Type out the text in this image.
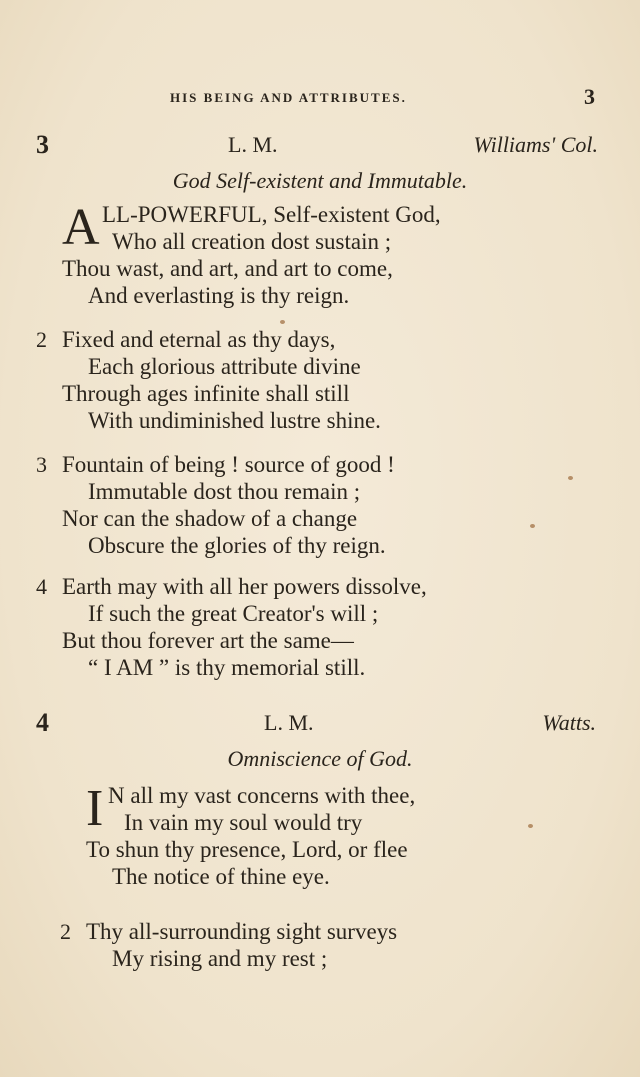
HIS BEING AND ATTRIBUTES.	3
3	L. M.	Williams' Col.
God Self-existent and Immutable.
A LL-POWERFUL, Self-existent God,
Who all creation dost sustain ;
Thou wast, and art, and art to come,
And everlasting is thy reign.
2 Fixed and eternal as thy days,
Each glorious attribute divine
Through ages infinite shall still
With undiminished lustre shine.
3 Fountain of being ! source of good !
Immutable dost thou remain ;
Nor can the shadow of a change
Obscure the glories of thy reign.
4 Earth may with all her powers dissolve,
If such the great Creator's will ;
But thou forever art the same—
“ I AM ” is thy memorial still.
4	L. M.	Watts.
Omniscience of God.
I N all my vast concerns with thee,
In vain my soul would try
To shun thy presence, Lord, or flee
The notice of thine eye.
2 Thy all-surrounding sight surveys
My rising and my rest ;
